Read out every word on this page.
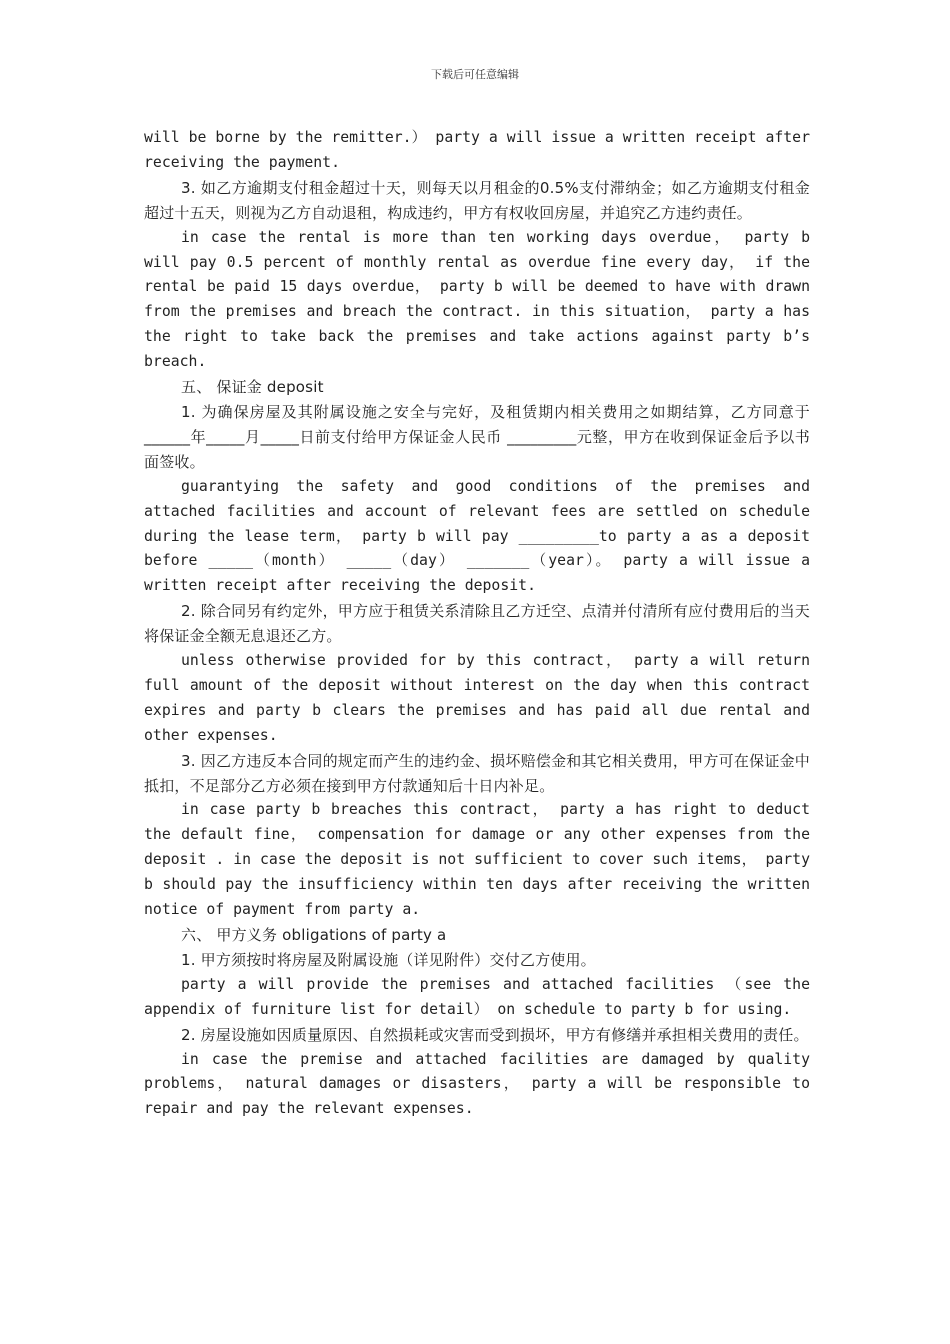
下载后可任意编辑

will be borne by the remitter.） party a will issue a written receipt after receiving the payment.

3. 如乙方逾期支付租金超过十天，则每天以月租金的0.5%支付滞纳金；如乙方逾期支付租金超过十五天，则视为乙方自动退租，构成违约，甲方有权收回房屋，并追究乙方违约责任。

in case the rental is more than ten working days overdue， party b will pay 0.5 percent of monthly rental as overdue fine every day， if the rental be paid 15 days overdue， party b will be deemed to have with drawn from the premises and breach the contract. in this situation， party a has the right to take back the premises and take actions against party b’s breach.

五、 保证金 deposit

1. 为确保房屋及其附属设施之安全与完好，及租赁期内相关费用之如期结算，乙方同意于______年_____月_____日前支付给甲方保证金人民币 _________元整，甲方在收到保证金后予以书面签收。

guarantying the safety and good conditions of the premises and attached facilities and account of relevant fees are settled on schedule during the lease term， party b will pay _________to party a as a deposit before _____（month） _____（day） _______（year）。 party a will issue a written receipt after receiving the deposit.

2. 除合同另有约定外，甲方应于租赁关系清除且乙方迁空、点清并付清所有应付费用后的当天将保证金全额无息退还乙方。

unless otherwise provided for by this contract， party a will return full amount of the deposit without interest on the day when this contract expires and party b clears the premises and has paid all due rental and other expenses.

3. 因乙方违反本合同的规定而产生的违约金、损坏赔偿金和其它相关费用，甲方可在保证金中抵扣，不足部分乙方必须在接到甲方付款通知后十日内补足。

in case party b breaches this contract， party a has right to deduct the default fine， compensation for damage or any other expenses from the deposit . in case the deposit is not sufficient to cover such items， party b should pay the insufficiency within ten days after receiving the written notice of payment from party a.

六、 甲方义务 obligations of party a

1. 甲方须按时将房屋及附属设施（详见附件）交付乙方使用。

party a will provide the premises and attached facilities （see the appendix of furniture list for detail） on schedule to party b for using.

2. 房屋设施如因质量原因、自然损耗或灾害而受到损坏，甲方有修缮并承担相关费用的责任。

in case the premise and attached facilities are damaged by quality problems， natural damages or disasters， party a will be responsible to repair and pay the relevant expenses.
